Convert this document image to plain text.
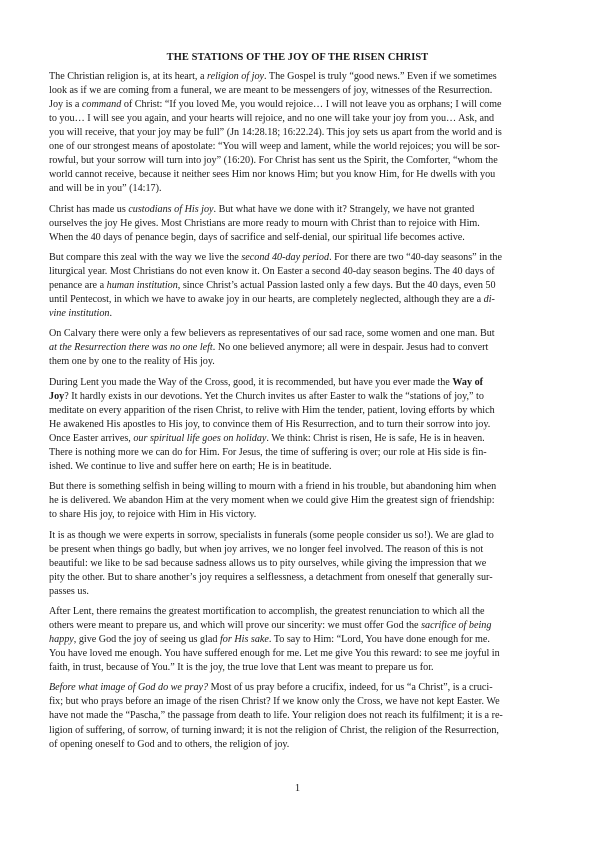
THE STATIONS OF THE JOY OF THE RISEN CHRIST

The Christian religion is, at its heart, a religion of joy. The Gospel is truly “good news.” Even if we sometimes
look as if we are coming from a funeral, we are meant to be messengers of joy, witnesses of the Resurrection.
Joy is a command of Christ: “If you loved Me, you would rejoice… I will not leave you as orphans; I will come
to you… I will see you again, and your hearts will rejoice, and no one will take your joy from you… Ask, and
you will receive, that your joy may be full” (Jn 14:28.18; 16:22.24). This joy sets us apart from the world and is
one of our strongest means of apostolate: “You will weep and lament, while the world rejoices; you will be sor-
rowful, but your sorrow will turn into joy” (16:20). For Christ has sent us the Spirit, the Comforter, “whom the
world cannot receive, because it neither sees Him nor knows Him; but you know Him, for He dwells with you
and will be in you” (14:17).

Christ has made us custodians of His joy. But what have we done with it? Strangely, we have not granted
ourselves the joy He gives. Most Christians are more ready to mourn with Christ than to rejoice with Him.
When the 40 days of penance begin, days of sacrifice and self-denial, our spiritual life becomes active.

But compare this zeal with the way we live the second 40-day period. For there are two “40-day seasons” in the
liturgical year. Most Christians do not even know it. On Easter a second 40-day season begins. The 40 days of
penance are a human institution, since Christ’s actual Passion lasted only a few days. But the 40 days, even 50
until Pentecost, in which we have to awake joy in our hearts, are completely neglected, although they are a di-
vine institution.

On Calvary there were only a few believers as representatives of our sad race, some women and one man. But
at the Resurrection there was no one left. No one believed anymore; all were in despair. Jesus had to convert
them one by one to the reality of His joy.

During Lent you made the Way of the Cross, good, it is recommended, but have you ever made the Way of
Joy? It hardly exists in our devotions. Yet the Church invites us after Easter to walk the “stations of joy,” to
meditate on every apparition of the risen Christ, to relive with Him the tender, patient, loving efforts by which
He awakened His apostles to His joy, to convince them of His Resurrection, and to turn their sorrow into joy.
Once Easter arrives, our spiritual life goes on holiday. We think: Christ is risen, He is safe, He is in heaven.
There is nothing more we can do for Him. For Jesus, the time of suffering is over; our role at His side is fin-
ished. We continue to live and suffer here on earth; He is in beatitude.

But there is something selfish in being willing to mourn with a friend in his trouble, but abandoning him when
he is delivered. We abandon Him at the very moment when we could give Him the greatest sign of friendship:
to share His joy, to rejoice with Him in His victory.

It is as though we were experts in sorrow, specialists in funerals (some people consider us so!). We are glad to
be present when things go badly, but when joy arrives, we no longer feel involved. The reason of this is not
beautiful: we like to be sad because sadness allows us to pity ourselves, while giving the impression that we
pity the other. But to share another’s joy requires a selflessness, a detachment from oneself that generally sur-
passes us.

After Lent, there remains the greatest mortification to accomplish, the greatest renunciation to which all the
others were meant to prepare us, and which will prove our sincerity: we must offer God the sacrifice of being
happy, give God the joy of seeing us glad for His sake. To say to Him: “Lord, You have done enough for me.
You have loved me enough. You have suffered enough for me. Let me give You this reward: to see me joyful in
faith, in trust, because of You.” It is the joy, the true love that Lent was meant to prepare us for.

Before what image of God do we pray? Most of us pray before a crucifix, indeed, for us “a Christ”, is a cruci-
fix; but who prays before an image of the risen Christ? If we know only the Cross, we have not kept Easter. We
have not made the “Pascha,” the passage from death to life. Your religion does not reach its fulfilment; it is a re-
ligion of suffering, of sorrow, of turning inward; it is not the religion of Christ, the religion of the Resurrection,
of opening oneself to God and to others, the religion of joy.

1
